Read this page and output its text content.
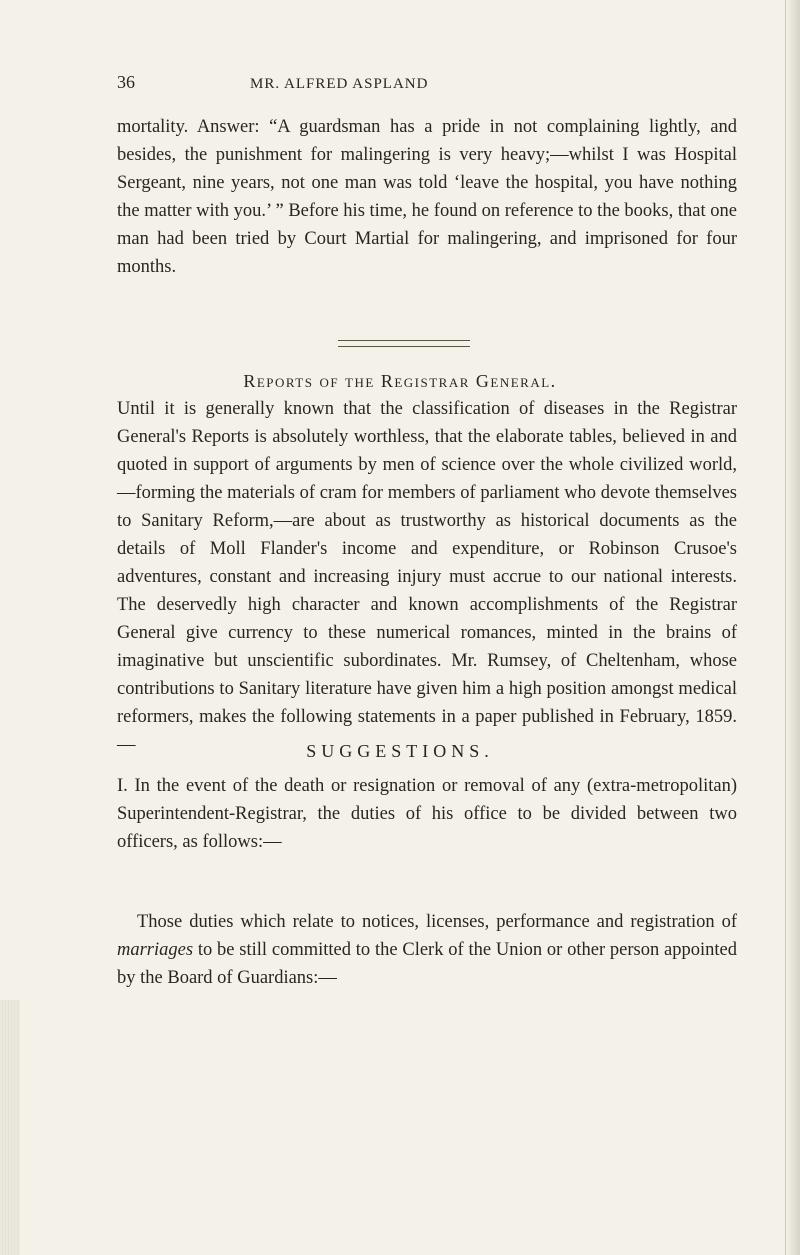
36	MR. ALFRED ASPLAND

mortality. Answer: “A guardsman has a pride in not complaining lightly, and besides, the punishment for malingering is very heavy;—whilst I was Hospital Sergeant, nine years, not one man was told ‘leave the hospital, you have nothing the matter with you.’ ” Before his time, he found on reference to the books, that one man had been tried by Court Martial for malingering, and imprisoned for four months.

Reports of the Registrar General.

Until it is generally known that the classification of diseases in the Registrar General's Reports is absolutely worthless, that the elaborate tables, believed in and quoted in support of arguments by men of science over the whole civilized world,—forming the materials of cram for members of parliament who devote themselves to Sanitary Reform,—are about as trustworthy as historical documents as the details of Moll Flander's income and expenditure, or Robinson Crusoe's adventures, constant and increasing injury must accrue to our national interests. The deservedly high character and known accomplishments of the Registrar General give currency to these numerical romances, minted in the brains of imaginative but unscientific subordinates. Mr. Rumsey, of Cheltenham, whose contributions to Sanitary literature have given him a high position amongst medical reformers, makes the following statements in a paper published in February, 1859.—	SUGGESTIONS.

I. In the event of the death or resignation or removal of any (extra-metropolitan) Superintendent-Registrar, the duties of his office to be divided between two officers, as follows:—

Those duties which relate to notices, licenses, performance and registration of marriages to be still committed to the Clerk of the Union or other person appointed by the Board of Guardians:—
